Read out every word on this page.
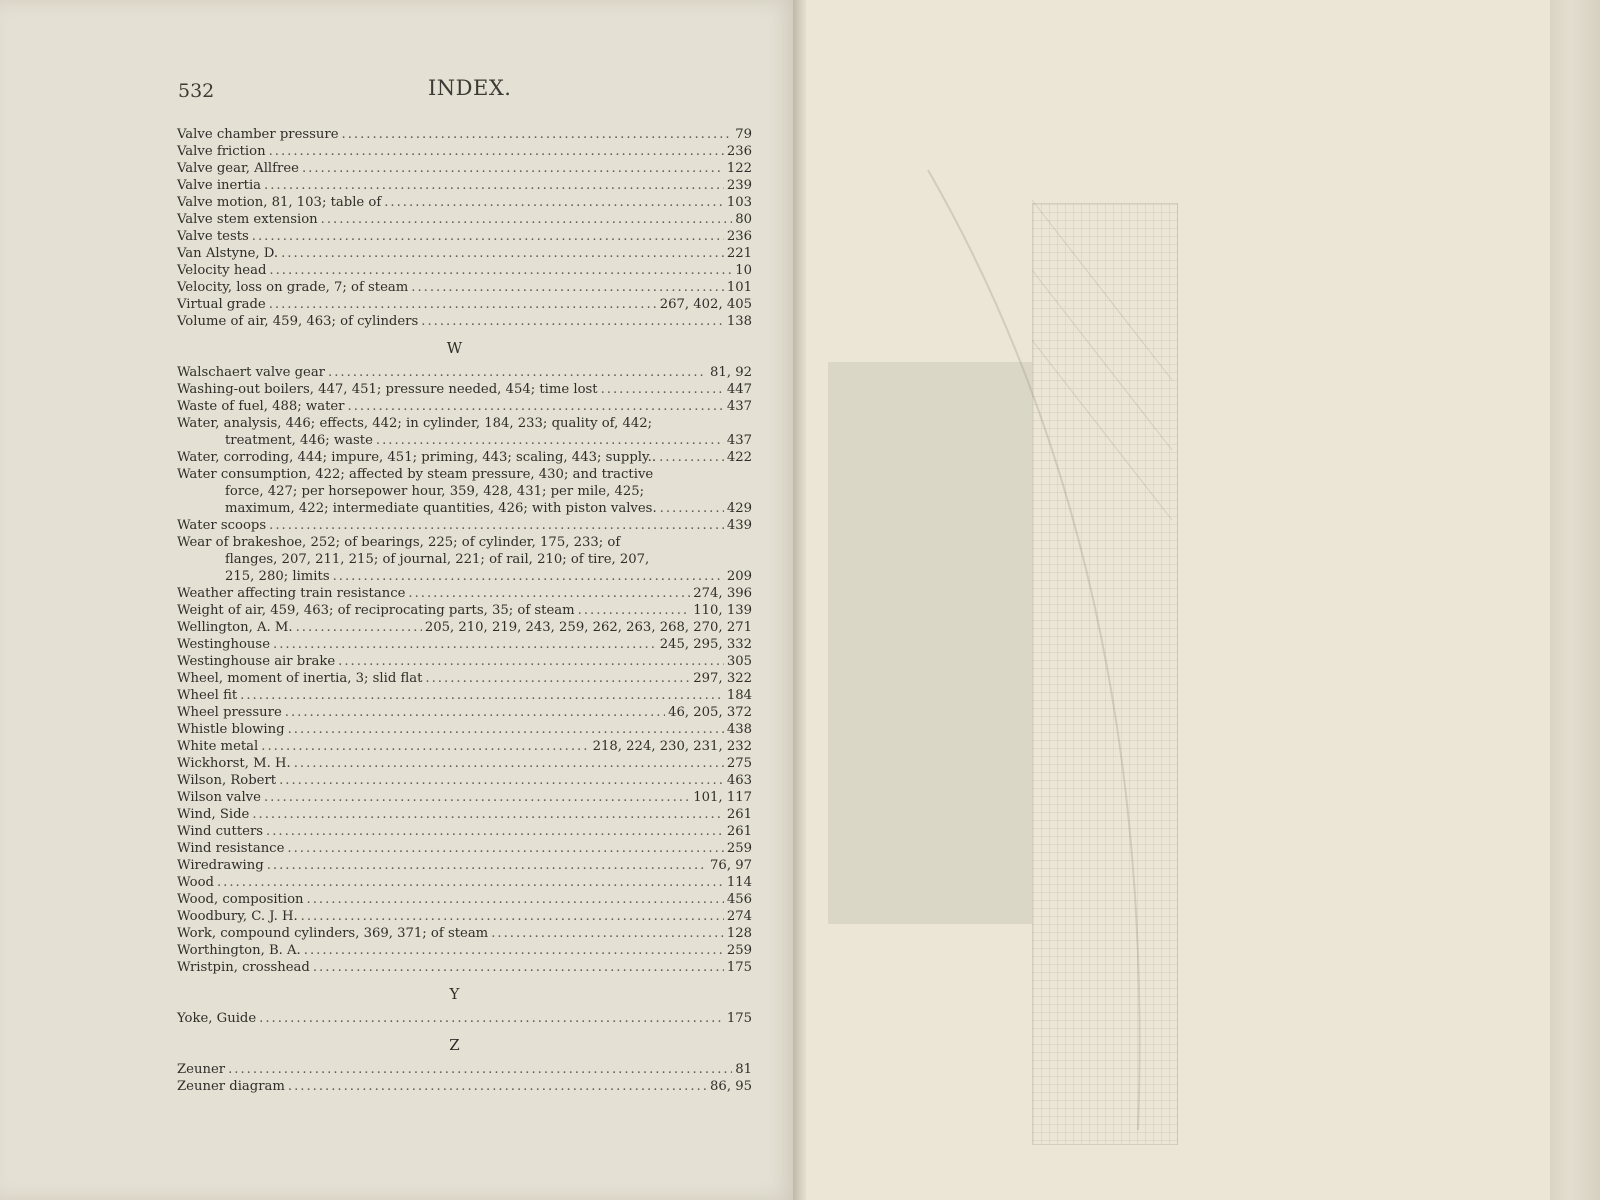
532	INDEX.
Valve chamber pressure .....	79
Valve friction .....	236
Valve gear, Allfree .....	122
Valve inertia .....	239
Valve motion, 81, 103; table of .....	103
Valve stem extension .....	80
Valve tests .....	236
Van Alstyne, D. .....	221
Velocity head .....	10
Velocity, loss on grade, 7; of steam .....	101
Virtual grade .....	267, 402, 405
Volume of air, 459, 463; of cylinders .....	138
W
Walschaert valve gear .....	81, 92
Washing-out boilers, 447, 451; pressure needed, 454; time lost .....	447
Waste of fuel, 488; water .....	437
Water, analysis, 446; effects, 442; in cylinder, 184, 233; quality of, 442;
treatment, 446; waste .....	437
Water, corroding, 444; impure, 451; priming, 443; scaling, 443; supply.. .....	422
Water consumption, 422; affected by steam pressure, 430; and tractive
force, 427; per horsepower hour, 359, 428, 431; per mile, 425;
maximum, 422; intermediate quantities, 426; with piston valves. .....	429
Water scoops .....	439
Wear of brakeshoe, 252; of bearings, 225; of cylinder, 175, 233; of
flanges, 207, 211, 215; of journal, 221; of rail, 210; of tire, 207,
215, 280; limits .....	209
Weather affecting train resistance .....	274, 396
Weight of air, 459, 463; of reciprocating parts, 35; of steam .....	110, 139
Wellington, A. M. .....	205, 210, 219, 243, 259, 262, 263, 268, 270, 271
Westinghouse .....	245, 295, 332
Westinghouse air brake .....	305
Wheel, moment of inertia, 3; slid flat .....	297, 322
Wheel fit .....	184
Wheel pressure .....	46, 205, 372
Whistle blowing .....	438
White metal .....	218, 224, 230, 231, 232
Wickhorst, M. H. .....	275
Wilson, Robert .....	463
Wilson valve .....	101, 117
Wind, Side .....	261
Wind cutters .....	261
Wind resistance .....	259
Wiredrawing .....	76, 97
Wood .....	114
Wood, composition .....	456
Woodbury, C. J. H. .....	274
Work, compound cylinders, 369, 371; of steam .....	128
Worthington, B. A. .....	259
Wristpin, crosshead .....	175
Y
Yoke, Guide .....	175
Z
Zeuner .....	81
Zeuner diagram .....	86, 95
